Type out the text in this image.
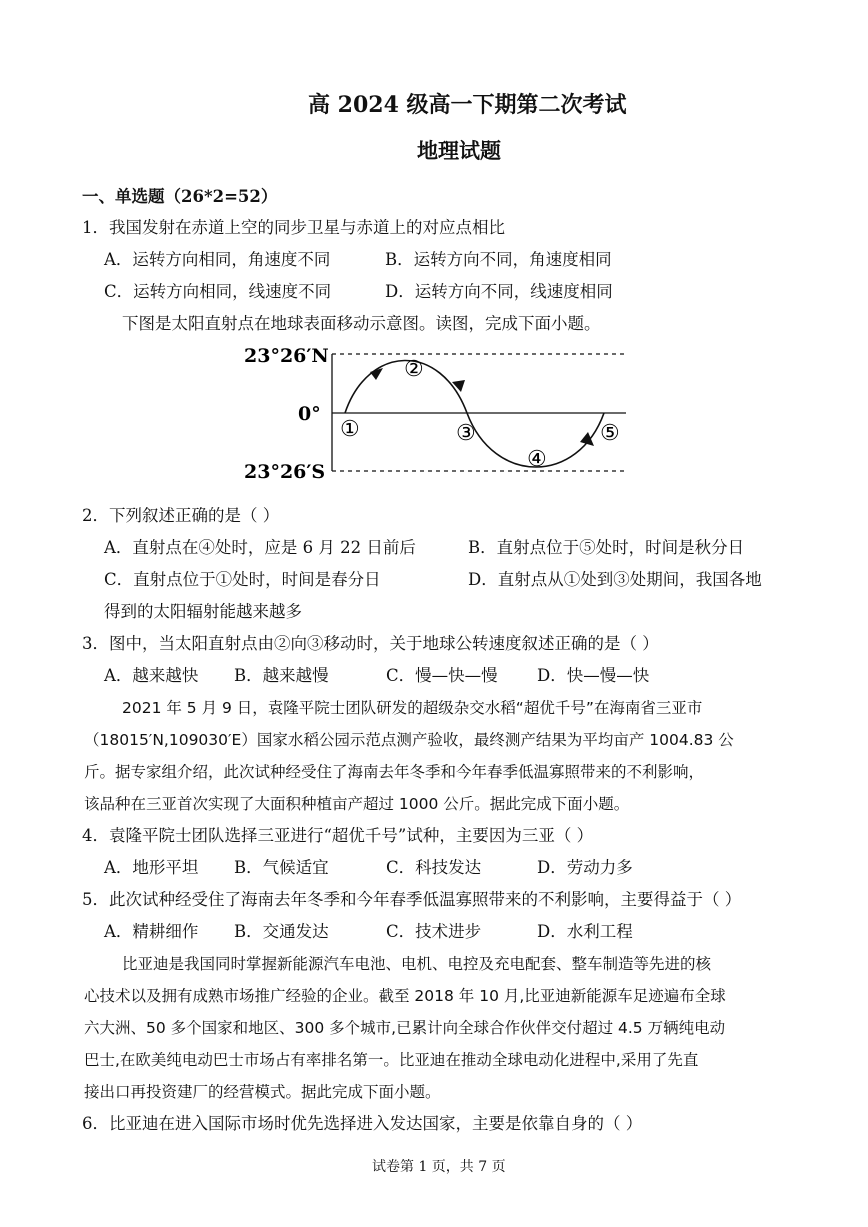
高 2024 级高一下期第二次考试
地理试题
一、单选题（26*2=52）
1．我国发射在赤道上空的同步卫星与赤道上的对应点相比
A．运转方向相同，角速度不同	B．运转方向不同，角速度相同
C．运转方向相同，线速度不同	D．运转方向不同，线速度相同
下图是太阳直射点在地球表面移动示意图。读图，完成下面小题。
23°26′N
0°
23°26′S
①
②
③
④
⑤
2．下列叙述正确的是（ ）
A．直射点在④处时，应是 6 月 22 日前后	B．直射点位于⑤处时，时间是秋分日
C．直射点位于①处时，时间是春分日	D．直射点从①处到③处期间，我国各地
得到的太阳辐射能越来越多
3．图中，当太阳直射点由②向③移动时，关于地球公转速度叙述正确的是（ ）
A．越来越快 B．越来越慢	C．慢—快—慢 D．快—慢—快
2021 年 5 月 9 日，袁隆平院士团队研发的超级杂交水稻“超优千号”在海南省三亚市
（18015′N,109030′E）国家水稻公园示范点测产验收，最终测产结果为平均亩产 1004.83 公
斤。据专家组介绍，此次试种经受住了海南去年冬季和今年春季低温寡照带来的不利影响，
该品种在三亚首次实现了大面积种植亩产超过 1000 公斤。据此完成下面小题。
4．袁隆平院士团队选择三亚进行“超优千号”试种，主要因为三亚（ ）
A．地形平坦 B．气候适宜	C．科技发达	D．劳动力多
5．此次试种经受住了海南去年冬季和今年春季低温寡照带来的不利影响，主要得益于（ ）
A．精耕细作 B．交通发达	C．技术进步	D．水利工程
比亚迪是我国同时掌握新能源汽车电池、电机、电控及充电配套、整车制造等先进的核
心技术以及拥有成熟市场推广经验的企业。截至 2018 年 10 月,比亚迪新能源车足迹遍布全球
六大洲、50 多个国家和地区、300 多个城市,已累计向全球合作伙伴交付超过 4.5 万辆纯电动
巴士,在欧美纯电动巴士市场占有率排名第一。比亚迪在推动全球电动化进程中,采用了先直
接出口再投资建厂的经营模式。据此完成下面小题。
6．比亚迪在进入国际市场时优先选择进入发达国家，主要是依靠自身的（ ）
试卷第 1 页，共 7 页
